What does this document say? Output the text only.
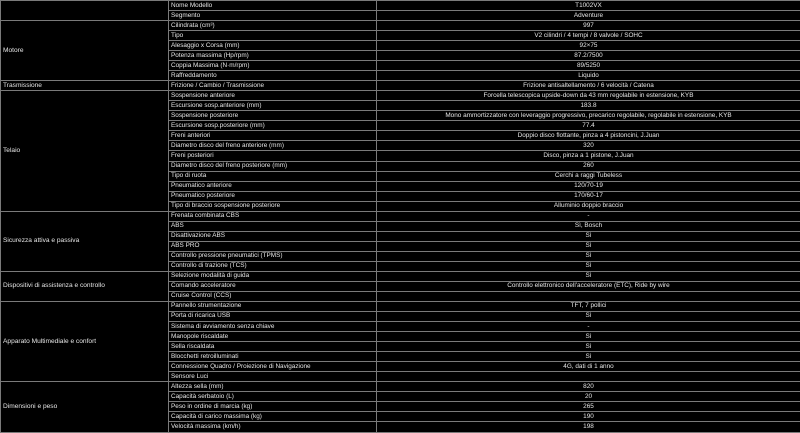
	Nome Modello	T1002VX
	Segmento	Adventure
Motore	Cilindrata (cm³)	997
	Tipo	V2 cilindri / 4 tempi / 8 valvole / SOHC
	Alesaggio x Corsa (mm)	92×75
	Potenza massima (Hp/rpm)	87.2/7500
	Coppia Massima (N·m/rpm)	89/5250
	Raffreddamento	Liquido
Trasmissione	Frizione / Cambio / Trasmissione	Frizione antisaltellamento / 6 velocità / Catena
Telaio	Sospensione anteriore	Forcella telescopica upside-down da 43 mm regolabile in estensione, KYB
	Escursione sosp.anteriore (mm)	183.8
	Sospensione posteriore	Mono ammortizzatore con leveraggio progressivo, precarico regolabile, regolabile in estensione, KYB
	Escursione sosp.posteriore (mm)	77.4
	Freni anteriori	Doppio disco flottante, pinza a 4 pistoncini, J.Juan
	Diametro disco del freno anteriore (mm)	320
	Freni posteriori	Disco, pinza a 1 pistone, J.Juan
	Diametro disco del freno posteriore (mm)	260
	Tipo di ruota	Cerchi a raggi Tubeless
	Pneumatico anteriore	120/70-19
	Pneumatico posteriore	170/60-17
	Tipo di braccio sospensione posteriore	Alluminio doppio braccio
Sicurezza attiva e passiva	Frenata combinata CBS	-
	ABS	Sì, Bosch
	Disattivazione ABS	Sì
	ABS PRO	Sì
	Controllo pressione pneumatici (TPMS)	Sì
	Controllo di trazione (TCS)	Sì
Dispositivi di assistenza e controllo	Selezione modalità di guida	Sì
	Comando acceleratore	Controllo elettronico dell'acceleratore (ETC), Ride by wire
	Cruise Control (CCS)	
Apparato Multimediale e confort	Pannello strumentazione	TFT, 7 pollici
	Porta di ricarica USB	Sì
	Sistema di avviamento senza chiave	-
	Manopole riscaldate	Sì
	Sella riscaldata	Sì
	Blocchetti retroilluminati	Sì
	Connessione Quadro / Proiezione di Navigazione	4G, dati di 1 anno
	Sensore Luci	
Dimensioni e peso	Altezza sella (mm)	820
	Capacità serbatoio (L)	20
	Peso in ordine di marcia (kg)	265
	Capacità di carico massima (kg)	190
	Velocità massima (km/h)	198
